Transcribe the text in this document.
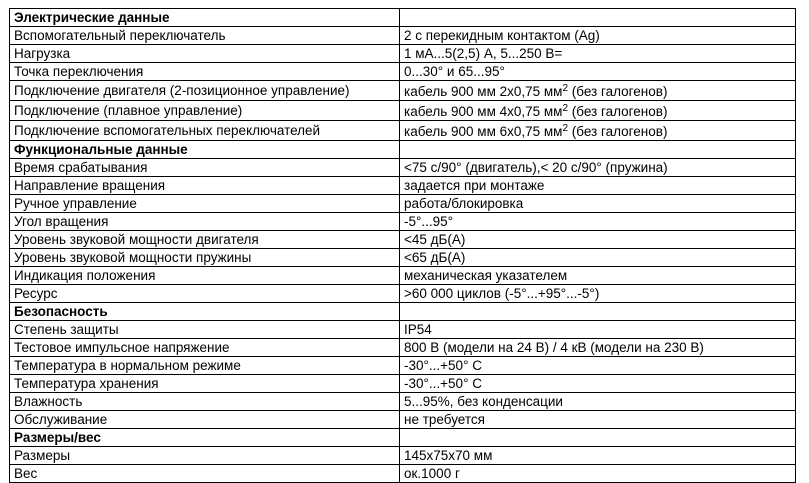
Электрические данные	
Вспомогательный переключатель	2 с перекидным контактом (Ag)
Нагрузка	1 мА...5(2,5) А, 5...250 В=
Точка переключения	0...30° и 65...95°
Подключение двигателя (2-позиционное управление)	кабель 900 мм 2x0,75 $мм^2$ (без галогенов)
Подключение (плавное управление)	кабель 900 мм 4x0,75 $мм^2$ (без галогенов)
Подключение вспомогательных переключателей	кабель 900 мм 6x0,75 $мм^2$ (без галогенов)
Функциональные данные	
Время срабатывания	<75 с/90° (двигатель),< 20 с/90° (пружина)
Направление вращения	задается при монтаже
Ручное управление	работа/блокировка
Угол вращения	-5°...95°
Уровень звуковой мощности двигателя	<45 дБ(А)
Уровень звуковой мощности пружины	<65 дБ(А)
Индикация положения	механическая указателем
Ресурс	>60 000 циклов (-5°...+95°...-5°)
Безопасность	
Степень защиты	IP54
Тестовое импульсное напряжение	800 В (модели на 24 В) / 4 кВ (модели на 230 В)
Температура в нормальном режиме	-30°...+50° С
Температура хранения	-30°...+50° С
Влажность	5...95%, без конденсации
Обслуживание	не требуется
Размеры/вес	
Размеры	145x75x70 мм
Вес	ок.1000 г
